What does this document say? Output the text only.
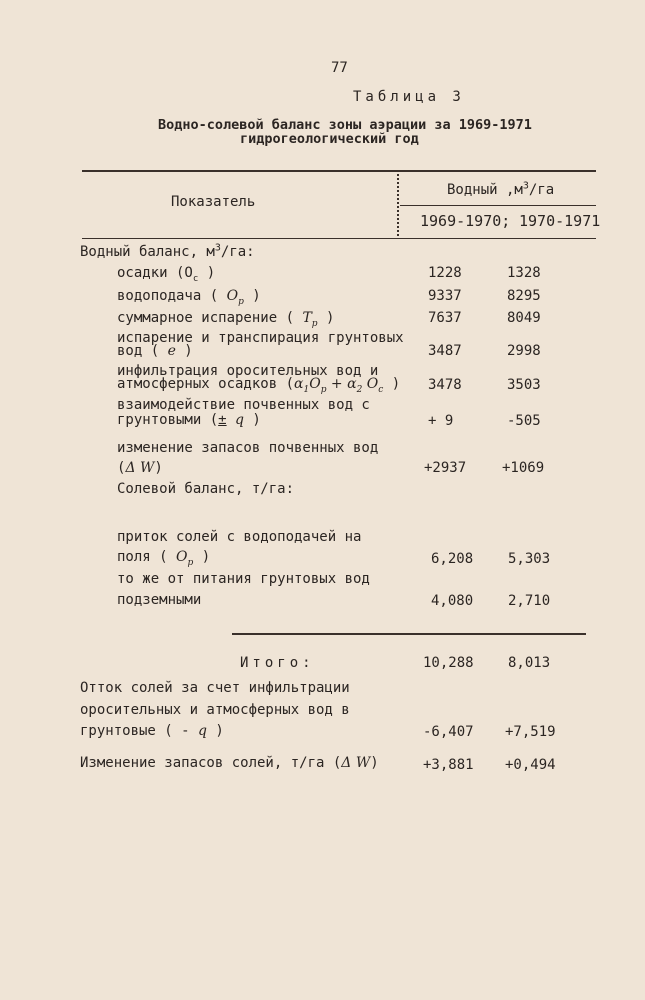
77
Таблица 3
Водно-солевой баланс зоны аэрации за 1969-1971
гидрогеологический год
Показатель
Водный $,м^3/га$
1969-1970; 1970-1971
Водный баланс, $м^3/га$:
осадки ($O_c$ )	1228	1328
водоподача ( $O_p$ )	9337	8295
суммарное испарение ( $T_p$ )	7637	8049
испарение и транспирация грунтовых
вод ( e )	3487	2998
инфильтрация оросительных вод и
атмосферных осадков ($\alpha_1O_p + \alpha_2$ $O_c$ ) 3478	3503
взаимодействие почвенных вод с
грунтовыми (± q )	+ 9	-505
изменение запасов почвенных вод
(Δ W)	+2937	+1069
Солевой баланс, т/га:
приток солей с водоподачей на
поля ( $O_p$ )	6,208 5,303
то же от питания грунтовых вод
подземными	4,080 2,710
Итого:	10,288 8,013
Отток солей за счет инфильтрации
оросительных и атмосферных вод в
грунтовые ( - q )	-6,407 +7,519
Изменение запасов солей, т/га (Δ W)	+3,881 +0,494
